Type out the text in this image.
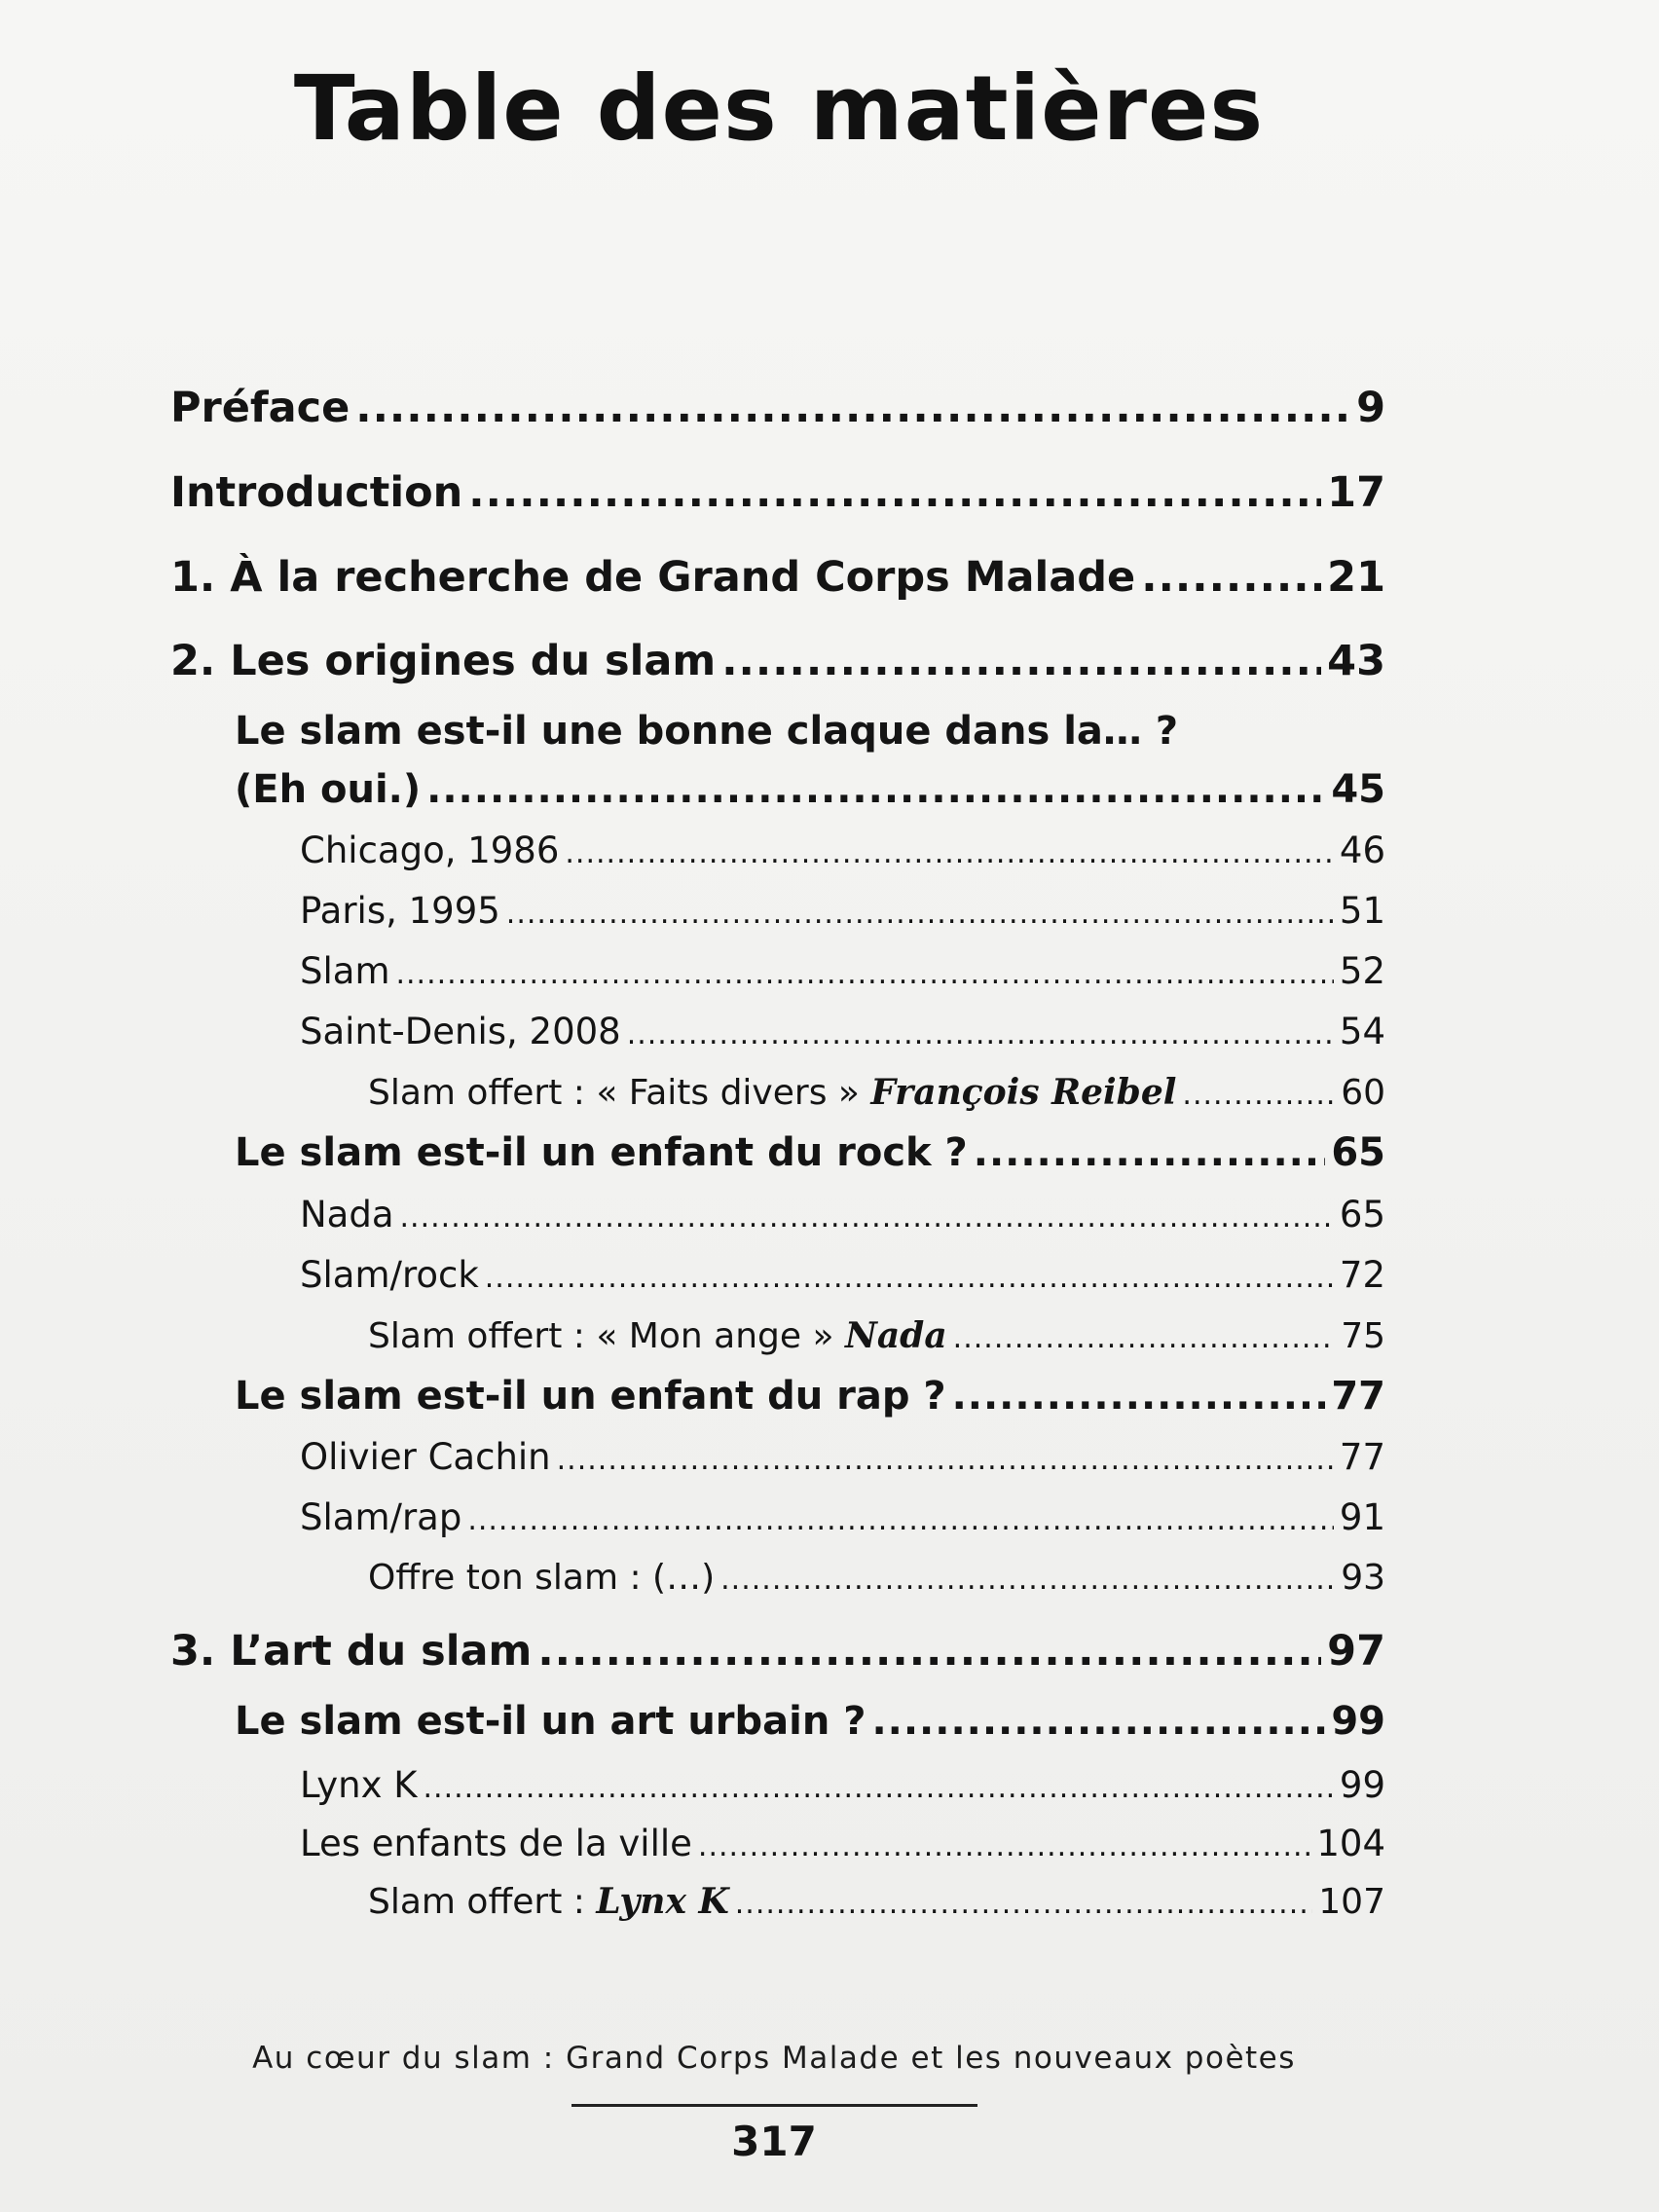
Table des matières
Préface .....	9
Introduction .....	17
1. À la recherche de Grand Corps Malade .....	21
2. Les origines du slam .....	43
Le slam est-il une bonne claque dans la… ?
(Eh oui.) .....	45
Chicago, 1986 .....	46
Paris, 1995 .....	51
Slam .....	52
Saint-Denis, 2008 .....	54
Slam offert : « Faits divers » François Reibel .....	60
Le slam est-il un enfant du rock ? .....	65
Nada .....	65
Slam/rock .....	72
Slam offert : « Mon ange » Nada .....	75
Le slam est-il un enfant du rap ? .....	77
Olivier Cachin .....	77
Slam/rap .....	91
Offre ton slam : (…) .....	93
3. L’art du slam .....	97
Le slam est-il un art urbain ? .....	99
Lynx K .....	99
Les enfants de la ville .....	104
Slam offert : Lynx K .....	107
Au cœur du slam : Grand Corps Malade et les nouveaux poètes
317
